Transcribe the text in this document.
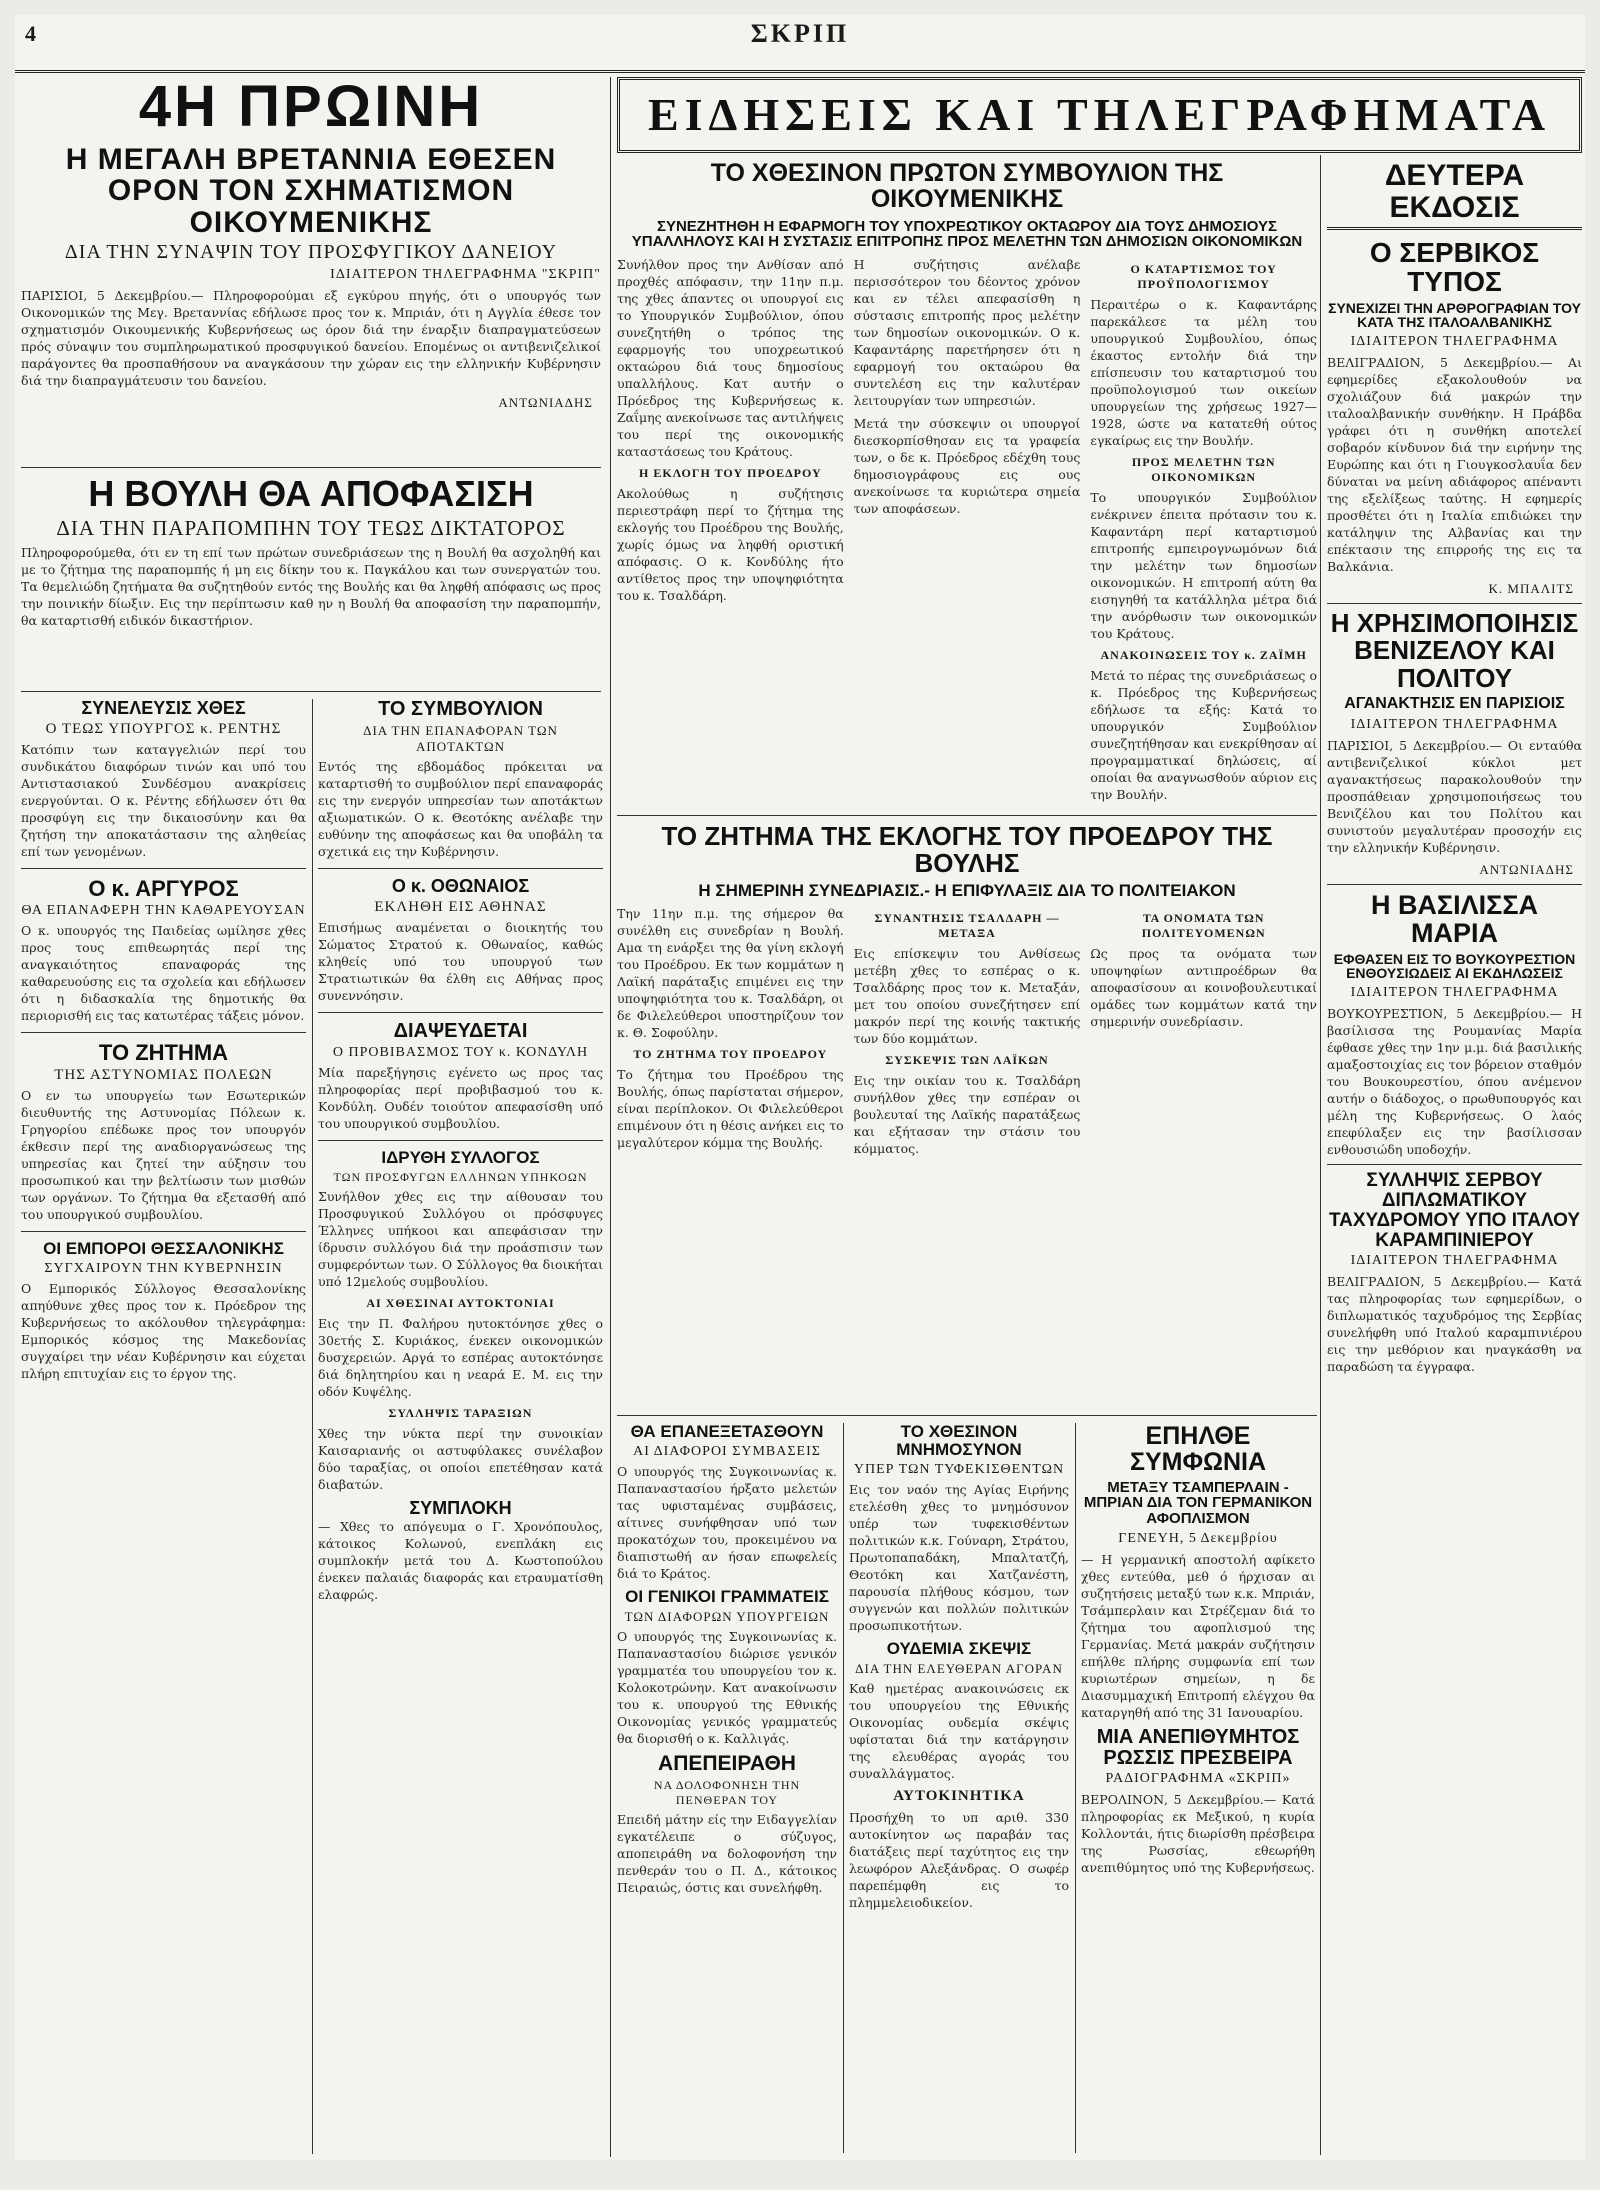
4	ΣΚΡΙΠ
4Η ΠΡΩΙΝΗ
Η ΜΕΓΑΛΗ ΒΡΕΤΑΝΝΙΑ ΕΘΕΣΕΝ ΟΡΟΝ ΤΟΝ ΣΧΗΜΑΤΙΣΜΟΝ ΟΙΚΟΥΜΕΝΙΚΗΣ
ΔΙΑ ΤΗΝ ΣΥΝΑΨΙΝ ΤΟΥ ΠΡΟΣΦΥΓΙΚΟΥ ΔΑΝΕΙΟΥ
ΙΔΙΑΙΤΕΡΟΝ ΤΗΛΕΓΡΑΦΗΜΑ "ΣΚΡΙΠ"

ΠΑΡΙΣΙΟΙ, 5 Δεκεμβρίου.— Πληροφορούμαι εξ εγκύρου πηγής, ότι ο υπουργός των Οικονομικών της Μεγ. Βρεταννίας εδήλωσε προς τον κ. Μπριάν, ότι η Αγγλία έθεσε τον σχηματισμόν Οικουμενικής Κυβερνήσεως ως όρον διά την έναρξιν διαπραγματεύσεων πρός σύναψιν του συμπληρωματικού προσφυγικού δανείου. Επομένως οι αντιβενιζελικοί παράγοντες θα προσπαθήσουν να αναγκάσουν την χώραν εις την ελληνικήν Κυβέρνησιν διά την διαπραγμάτευσιν του δανείου.

ΑΝΤΩΝΙΑΔΗΣ
Η ΒΟΥΛΗ ΘΑ ΑΠΟΦΑΣΙΣΗ
ΔΙΑ ΤΗΝ ΠΑΡΑΠΟΜΠΗΝ ΤΟΥ ΤΕΩΣ ΔΙΚΤΑΤΟΡΟΣ

Πληροφορούμεθα, ότι εν τη επί των πρώτων συνεδριάσεων της η Βουλή θα ασχοληθή και με το ζήτημα της παραπομπής ή μη εις δίκην του κ. Παγκάλου και των συνεργατών του. Τα θεμελιώδη ζητήματα θα συζητηθούν εντός της Βουλής και θα ληφθή απόφασις ως προς την ποινικήν δίωξιν. Εις την περίπτωσιν καθ ην η Βουλή θα αποφασίση την παραπομπήν, θα καταρτισθή ειδικόν δικαστήριον.

ΣΥΝΕΛΕΥΣΙΣ ΧΘΕΣ
Ο ΤΕΩΣ ΥΠΟΥΡΓΟΣ κ. ΡΕΝΤΗΣ

Κατόπιν των καταγγελιών περί του συνδικάτου διαφόρων τινών και υπό του Αντιστασιακού Συνδέσμου ανακρίσεις ενεργούνται. Ο κ. Ρέντης εδήλωσεν ότι θα προσφύγη εις την δικαιοσύνην και θα ζητήση την αποκατάστασιν της αληθείας επί των γενομένων.

Ο κ. ΑΡΓΥΡΟΣ
ΘΑ ΕΠΑΝΑΦΕΡΗ ΤΗΝ ΚΑΘΑΡΕΥΟΥΣΑΝ

Ο κ. υπουργός της Παιδείας ωμίλησε χθες προς τους επιθεωρητάς περί της αναγκαιότητος επαναφοράς της καθαρευούσης εις τα σχολεία και εδήλωσεν ότι η διδασκαλία της δημοτικής θα περιορισθή εις τας κατωτέρας τάξεις μόνον.

ΤΟ ΖΗΤΗΜΑ
ΤΗΣ ΑΣΤΥΝΟΜΙΑΣ ΠΟΛΕΩΝ

Ο εν τω υπουργείω των Εσωτερικών διευθυντής της Αστυνομίας Πόλεων κ. Γρηγορίου επέδωκε προς τον υπουργόν έκθεσιν περί της αναδιοργανώσεως της υπηρεσίας και ζητεί την αύξησιν του προσωπικού και την βελτίωσιν των μισθών των οργάνων. Το ζήτημα θα εξετασθή από του υπουργικού συμβουλίου.

ΟΙ ΕΜΠΟΡΟΙ ΘΕΣΣΑΛΟΝΙΚΗΣ
ΣΥΓΧΑΙΡΟΥΝ ΤΗΝ ΚΥΒΕΡΝΗΣΙΝ

Ο Εμπορικός Σύλλογος Θεσσαλονίκης απηύθυνε χθες προς τον κ. Πρόεδρον της Κυβερνήσεως το ακόλουθον τηλεγράφημα: Εμπορικός κόσμος της Μακεδονίας συγχαίρει την νέαν Κυβέρνησιν και εύχεται πλήρη επιτυχίαν εις το έργον της.

ΤΟ ΣΥΜΒΟΥΛΙΟΝ
ΔΙΑ ΤΗΝ ΕΠΑΝΑΦΟΡΑΝ ΤΩΝ ΑΠΟΤΑΚΤΩΝ

Εντός της εβδομάδος πρόκειται να καταρτισθή το συμβούλιον περί επαναφοράς εις την ενεργόν υπηρεσίαν των αποτάκτων αξιωματικών. Ο κ. Θεοτόκης ανέλαβε την ευθύνην της αποφάσεως και θα υποβάλη τα σχετικά εις την Κυβέρνησιν.

Ο κ. ΟΘΩΝΑΙΟΣ
ΕΚΛΗΘΗ ΕΙΣ ΑΘΗΝΑΣ

Επισήμως αναμένεται ο διοικητής του Σώματος Στρατού κ. Οθωναίος, καθώς κληθείς υπό του υπουργού των Στρατιωτικών θα έλθη εις Αθήνας προς συνεννόησιν.

ΔΙΑΨΕΥΔΕΤΑΙ
Ο ΠΡΟΒΙΒΑΣΜΟΣ ΤΟΥ κ. ΚΟΝΔΥΛΗ

Μία παρεξήγησις εγένετο ως προς τας πληροφορίας περί προβιβασμού του κ. Κονδύλη. Ουδέν τοιούτον απεφασίσθη υπό του υπουργικού συμβουλίου.

ΙΔΡΥΘΗ ΣΥΛΛΟΓΟΣ
ΤΩΝ ΠΡΟΣΦΥΓΩΝ ΕΛΛΗΝΩΝ ΥΠΗΚΟΩΝ

Συνήλθον χθες εις την αίθουσαν του Προσφυγικού Συλλόγου οι πρόσφυγες Έλληνες υπήκοοι και απεφάσισαν την ίδρυσιν συλλόγου διά την προάσπισιν των συμφερόντων των. Ο Σύλλογος θα διοικήται υπό 12μελούς συμβουλίου.

ΑΙ ΧΘΕΣΙΝΑΙ ΑΥΤΟΚΤΟΝΙΑΙ

Εις την Π. Φαλήρου ηυτοκτόνησε χθες ο 30ετής Σ. Κυριάκος, ένεκεν οικονομικών δυσχερειών. Αργά το εσπέρας αυτοκτόνησε διά δηλητηρίου και η νεαρά Ε. Μ. εις την οδόν Κυψέλης.

ΣΥΛΛΗΨΙΣ ΤΑΡΑΞΙΩΝ

Χθες την νύκτα περί την συνοικίαν Καισαριανής οι αστυφύλακες συνέλαβον δύο ταραξίας, οι οποίοι επετέθησαν κατά διαβατών.

ΣΥΜΠΛΟΚΗ

— Χθες το απόγευμα ο Γ. Χρονόπουλος, κάτοικος Κολωνού, ενεπλάκη εις συμπλοκήν μετά του Δ. Κωστοπούλου ένεκεν παλαιάς διαφοράς και ετραυματίσθη ελαφρώς.

ΕΙΔΗΣΕΙΣ ΚΑΙ ΤΗΛΕΓΡΑΦΗΜΑΤΑ
ΤΟ ΧΘΕΣΙΝΟΝ ΠΡΩΤΟΝ ΣΥΜΒΟΥΛΙΟΝ ΤΗΣ ΟΙΚΟΥΜΕΝΙΚΗΣ
ΣΥΝΕΖΗΤΗΘΗ Η ΕΦΑΡΜΟΓΗ ΤΟΥ ΥΠΟΧΡΕΩΤΙΚΟΥ ΟΚΤΑΩΡΟΥ ΔΙΑ ΤΟΥΣ ΔΗΜΟΣΙΟΥΣ ΥΠΑΛΛΗΛΟΥΣ ΚΑΙ Η ΣΥΣΤΑΣΙΣ ΕΠΙΤΡΟΠΗΣ ΠΡΟΣ ΜΕΛΕΤΗΝ ΤΩΝ ΔΗΜΟΣΙΩΝ ΟΙΚΟΝΟΜΙΚΩΝ

Συνήλθον προς την Ανθίσαν από προχθές απόφασιν, την 11ην π.μ. της χθες άπαντες οι υπουργοί εις το Υπουργικόν Συμβούλιον, όπου συνεζητήθη ο τρόπος της εφαρμογής του υποχρεωτικού οκταώρου διά τους δημοσίους υπαλλήλους. Κατ αυτήν ο Πρόεδρος της Κυβερνήσεως κ. Ζαΐμης ανεκοίνωσε τας αντιλήψεις του περί της οικονομικής καταστάσεως του Κράτους.

Η ΕΚΛΟΓΗ ΤΟΥ ΠΡΟΕΔΡΟΥ

Ακολούθως η συζήτησις περιεστράφη περί το ζήτημα της εκλογής του Προέδρου της Βουλής, χωρίς όμως να ληφθή οριστική απόφασις. Ο κ. Κονδύλης ήτο αντίθετος προς την υποψηφιότητα του κ. Τσαλδάρη.

Η συζήτησις ανέλαβε περισσότερον του δέοντος χρόνον και εν τέλει απεφασίσθη η σύστασις επιτροπής προς μελέτην των δημοσίων οικονομικών. Ο κ. Καφαντάρης παρετήρησεν ότι η εφαρμογή του οκταώρου θα συντελέση εις την καλυτέραν λειτουργίαν των υπηρεσιών.

Μετά την σύσκεψιν οι υπουργοί διεσκορπίσθησαν εις τα γραφεία των, ο δε κ. Πρόεδρος εδέχθη τους δημοσιογράφους εις ους ανεκοίνωσε τα κυριώτερα σημεία των αποφάσεων.

Ο ΚΑΤΑΡΤΙΣΜΟΣ ΤΟΥ ΠΡΟΫΠΟΛΟΓΙΣΜΟΥ

Περαιτέρω ο κ. Καφαντάρης παρεκάλεσε τα μέλη του υπουργικού Συμβουλίου, όπως έκαστος εντολήν διά την επίσπευσιν του καταρτισμού του προϋπολογισμού των οικείων υπουργείων της χρήσεως 1927—1928, ώστε να κατατεθή ούτος εγκαίρως εις την Βουλήν.

ΠΡΟΣ ΜΕΛΕΤΗΝ ΤΩΝ ΟΙΚΟΝΟΜΙΚΩΝ

Το υπουργικόν Συμβούλιον ενέκρινεν έπειτα πρότασιν του κ. Καφαντάρη περί καταρτισμού επιτροπής εμπειρογνωμόνων διά την μελέτην των δημοσίων οικονομικών. Η επιτροπή αύτη θα εισηγηθή τα κατάλληλα μέτρα διά την ανόρθωσιν των οικονομικών του Κράτους.

ΑΝΑΚΟΙΝΩΣΕΙΣ ΤΟΥ κ. ΖΑΪΜΗ

Μετά το πέρας της συνεδριάσεως ο κ. Πρόεδρος της Κυβερνήσεως εδήλωσε τα εξής: Κατά το υπουργικόν Συμβούλιον συνεζητήθησαν και ενεκρίθησαν αί προγραμματικαί δηλώσεις, αί οποίαι θα αναγνωσθούν αύριον εις την Βουλήν.

ΤΟ ΖΗΤΗΜΑ ΤΗΣ ΕΚΛΟΓΗΣ ΤΟΥ ΠΡΟΕΔΡΟΥ ΤΗΣ ΒΟΥΛΗΣ
Η ΣΗΜΕΡΙΝΗ ΣΥΝΕΔΡΙΑΣΙΣ.- Η ΕΠΙΦΥΛΑΞΙΣ ΔΙΑ ΤΟ ΠΟΛΙΤΕΙΑΚΟΝ

Την 11ην π.μ. της σήμερον θα συνέλθη εις συνεδρίαν η Βουλή. Αμα τη ενάρξει της θα γίνη εκλογή του Προέδρου. Εκ των κομμάτων η Λαϊκή παράταξις επιμένει εις την υποψηφιότητα του κ. Τσαλδάρη, οι δε Φιλελεύθεροι υποστηρίζουν τον κ. Θ. Σοφούλην.

ΤΟ ΖΗΤΗΜΑ ΤΟΥ ΠΡΟΕΔΡΟΥ

Το ζήτημα του Προέδρου της Βουλής, όπως παρίσταται σήμερον, είναι περίπλοκον. Οι Φιλελεύθεροι επιμένουν ότι η θέσις ανήκει εις το μεγαλύτερον κόμμα της Βουλής.

ΣΥΝΑΝΤΗΣΙΣ ΤΣΑΛΔΑΡΗ — ΜΕΤΑΞΑ

Εις επίσκεψιν του Ανθίσεως μετέβη χθες το εσπέρας ο κ. Τσαλδάρης προς τον κ. Μεταξάν, μετ του οποίου συνεζήτησεν επί μακρόν περί της κοινής τακτικής των δύο κομμάτων.

ΣΥΣΚΕΨΙΣ ΤΩΝ ΛΑΪΚΩΝ

Εις την οικίαν του κ. Τσαλδάρη συνήλθον χθες την εσπέραν οι βουλευταί της Λαϊκής παρατάξεως και εξήτασαν την στάσιν του κόμματος.

ΤΑ ΟΝΟΜΑΤΑ ΤΩΝ ΠΟΛΙΤΕΥΟΜΕΝΩΝ

Ως προς τα ονόματα των υποψηφίων αντιπροέδρων θα αποφασίσουν αι κοινοβουλευτικαί ομάδες των κομμάτων κατά την σημερινήν συνεδρίασιν.

ΘΑ ΕΠΑΝΕΞΕΤΑΣΘΟΥΝ
ΑΙ ΔΙΑΦΟΡΟΙ ΣΥΜΒΑΣΕΙΣ

Ο υπουργός της Συγκοινωνίας κ. Παπαναστασίου ήρξατο μελετών τας υφισταμένας συμβάσεις, αίτινες συνήφθησαν υπό των προκατόχων του, προκειμένου να διαπιστωθή αν ήσαν επωφελείς διά το Κράτος.

ΟΙ ΓΕΝΙΚΟΙ ΓΡΑΜΜΑΤΕΙΣ
ΤΩΝ ΔΙΑΦΟΡΩΝ ΥΠΟΥΡΓΕΙΩΝ

Ο υπουργός της Συγκοινωνίας κ. Παπαναστασίου διώρισε γενικόν γραμματέα του υπουργείου τον κ. Κολοκοτρώνην. Κατ ανακοίνωσιν του κ. υπουργού της Εθνικής Οικονομίας γενικός γραμματεύς θα διορισθή ο κ. Καλλιγάς.

ΑΠΕΠΕΙΡΑΘΗ
ΝΑ ΔΟΛΟΦΟΝΗΣΗ ΤΗΝ ΠΕΝΘΕΡΑΝ ΤΟΥ

Επειδή μάτην είς την Ειδαγγελίαν εγκατέλειπε ο σύζυγος, αποπειράθη να δολοφονήση την πενθεράν του ο Π. Δ., κάτοικος Πειραιώς, όστις και συνελήφθη.

ΤΟ ΧΘΕΣΙΝΟΝ ΜΝΗΜΟΣΥΝΟΝ
ΥΠΕΡ ΤΩΝ ΤΥΦΕΚΙΣΘΕΝΤΩΝ

Εις τον ναόν της Αγίας Ειρήνης ετελέσθη χθες το μνημόσυνον υπέρ των τυφεκισθέντων πολιτικών κ.κ. Γούναρη, Στράτου, Πρωτοπαπαδάκη, Μπαλτατζή, Θεοτόκη και Χατζανέστη, παρουσία πλήθους κόσμου, των συγγενών και πολλών πολιτικών προσωπικοτήτων.

ΟΥΔΕΜΙΑ ΣΚΕΨΙΣ
ΔΙΑ ΤΗΝ ΕΛΕΥΘΕΡΑΝ ΑΓΟΡΑΝ

Καθ ημετέρας ανακοινώσεις εκ του υπουργείου της Εθνικής Οικονομίας ουδεμία σκέψις υφίσταται διά την κατάργησιν της ελευθέρας αγοράς του συναλλάγματος.

ΑΥΤΟΚΙΝΗΤΙΚΑ

Προσήχθη το υπ αριθ. 330 αυτοκίνητον ως παραβάν τας διατάξεις περί ταχύτητος εις την λεωφόρον Αλεξάνδρας. Ο σωφέρ παρεπέμφθη εις το πλημμελειοδικείον.

ΕΠΗΛΘΕ ΣΥΜΦΩΝΙΑ
ΜΕΤΑΞΥ ΤΣΑΜΠΕΡΛΑΙΝ - ΜΠΡΙΑΝ ΔΙΑ ΤΟΝ ΓΕΡΜΑΝΙΚΟΝ ΑΦΟΠΛΙΣΜΟΝ
ΓΕΝΕΥΗ, 5 Δεκεμβρίου

— Η γερμανική αποστολή αφίκετο χθες εντεύθα, μεθ ό ήρχισαν αι συζητήσεις μεταξύ των κ.κ. Μπριάν, Τσάμπερλαιν και Στρέζεμαν διά το ζήτημα του αφοπλισμού της Γερμανίας. Μετά μακράν συζήτησιν επήλθε πλήρης συμφωνία επί των κυριωτέρων σημείων, η δε Διασυμμαχική Επιτροπή ελέγχου θα καταργηθή από της 31 Ιανουαρίου.

ΜΙΑ ΑΝΕΠΙΘΥΜΗΤΟΣ ΡΩΣΣΙΣ ΠΡΕΣΒΕΙΡΑ
ΡΑΔΙΟΓΡΑΦΗΜΑ «ΣΚΡΙΠ»

ΒΕΡΟΛΙΝΟΝ, 5 Δεκεμβρίου.— Κατά πληροφορίας εκ Μεξικού, η κυρία Κολλοντάι, ήτις διωρίσθη πρέσβειρα της Ρωσσίας, εθεωρήθη ανεπιθύμητος υπό της Κυβερνήσεως.

ΔΕΥΤΕΡΑ ΕΚΔΟΣΙΣ
Ο ΣΕΡΒΙΚΟΣ ΤΥΠΟΣ
ΣΥΝΕΧΙΖΕΙ ΤΗΝ ΑΡΘΡΟΓΡΑΦΙΑΝ ΤΟΥ ΚΑΤΑ ΤΗΣ ΙΤΑΛΟΑΛΒΑΝΙΚΗΣ
ΙΔΙΑΙΤΕΡΟΝ ΤΗΛΕΓΡΑΦΗΜΑ

ΒΕΛΙΓΡΑΔΙΟΝ, 5 Δεκεμβρίου.— Αι εφημερίδες εξακολουθούν να σχολιάζουν διά μακρών την ιταλοαλβανικήν συνθήκην. Η Πράβδα γράφει ότι η συνθήκη αποτελεί σοβαρόν κίνδυνον διά την ειρήνην της Ευρώπης και ότι η Γιουγκοσλαυΐα δεν δύναται να μείνη αδιάφορος απέναντι της εξελίξεως ταύτης. Η εφημερίς προσθέτει ότι η Ιταλία επιδιώκει την κατάληψιν της Αλβανίας και την επέκτασιν της επιρροής της εις τα Βαλκάνια.

Κ. ΜΠΑΛΙΤΣ
Η ΧΡΗΣΙΜΟΠΟΙΗΣΙΣ ΒΕΝΙΖΕΛΟΥ ΚΑΙ ΠΟΛΙΤΟΥ
ΑΓΑΝΑΚΤΗΣΙΣ ΕΝ ΠΑΡΙΣΙΟΙΣ
ΙΔΙΑΙΤΕΡΟΝ ΤΗΛΕΓΡΑΦΗΜΑ

ΠΑΡΙΣΙΟΙ, 5 Δεκεμβρίου.— Οι ενταύθα αντιβενιζελικοί κύκλοι μετ αγανακτήσεως παρακολουθούν την προσπάθειαν χρησιμοποιήσεως του Βενιζέλου και του Πολίτου και συνιστούν μεγαλυτέραν προσοχήν εις την ελληνικήν Κυβέρνησιν.

ΑΝΤΩΝΙΑΔΗΣ
Η ΒΑΣΙΛΙΣΣΑ ΜΑΡΙΑ
ΕΦΘΑΣΕΝ ΕΙΣ ΤΟ ΒΟΥΚΟΥΡΕΣΤΙΟΝ ΕΝΘΟΥΣΙΩΔΕΙΣ ΑΙ ΕΚΔΗΛΩΣΕΙΣ
ΙΔΙΑΙΤΕΡΟΝ ΤΗΛΕΓΡΑΦΗΜΑ

ΒΟΥΚΟΥΡΕΣΤΙΟΝ, 5 Δεκεμβρίου.— Η βασίλισσα της Ρουμανίας Μαρία έφθασε χθες την 1ην μ.μ. διά βασιλικής αμαξοστοιχίας εις τον βόρειον σταθμόν του Βουκουρεστίου, όπου ανέμενον αυτήν ο διάδοχος, ο πρωθυπουργός και μέλη της Κυβερνήσεως. Ο λαός επεφύλαξεν εις την βασίλισσαν ενθουσιώδη υποδοχήν.

ΣΥΛΛΗΨΙΣ ΣΕΡΒΟΥ ΔΙΠΛΩΜΑΤΙΚΟΥ ΤΑΧΥΔΡΟΜΟΥ ΥΠΟ ΙΤΑΛΟΥ ΚΑΡΑΜΠΙΝΙΕΡΟΥ
ΙΔΙΑΙΤΕΡΟΝ ΤΗΛΕΓΡΑΦΗΜΑ

ΒΕΛΙΓΡΑΔΙΟΝ, 5 Δεκεμβρίου.— Κατά τας πληροφορίας των εφημερίδων, ο διπλωματικός ταχυδρόμος της Σερβίας συνελήφθη υπό Ιταλού καραμπινιέρου εις την μεθόριον και ηναγκάσθη να παραδώση τα έγγραφα.
